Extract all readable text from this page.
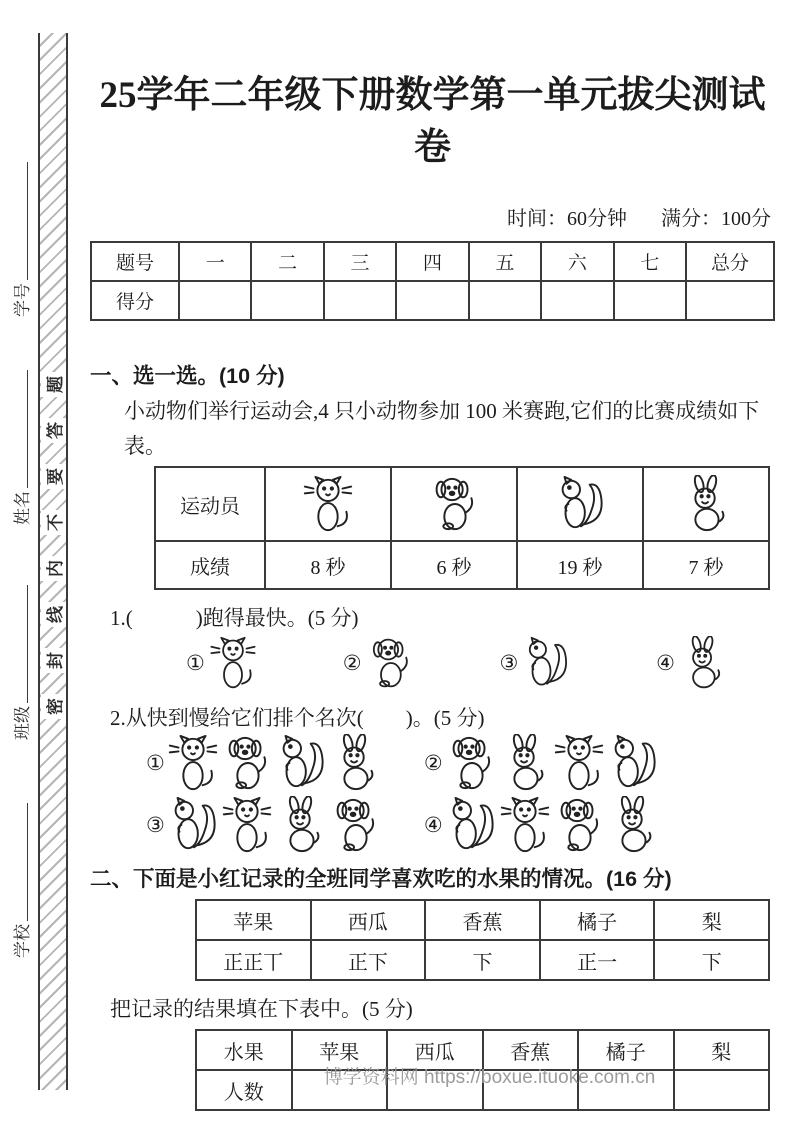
题
答
要
不
内
线
封
密
学号
姓名
班级
学校
25学年二年级下册数学第一单元拔尖测试卷
时间：60分钟 满分：100分
题号	一	二	三	四	五	六	七	总分
得分								
一、选一选。(10 分)
小动物们举行运动会,4 只小动物参加 100 米赛跑,它们的比赛成绩如下表。
运动员				
成绩	8 秒	6 秒	19 秒	7 秒
1.(　　　)跑得最快。(5 分)
①	②	③	④
2.从快到慢给它们排个名次(　　)。(5 分)
①	②
③	④
二、下面是小红记录的全班同学喜欢吃的水果的情况。(16 分)
苹果	西瓜	香蕉	橘子	梨
正正丅	正下	下	正一	下
把记录的结果填在下表中。(5 分)
水果	苹果	西瓜	香蕉	橘子	梨
人数					
博学资料网 https://boxue.ituoke.com.cn
